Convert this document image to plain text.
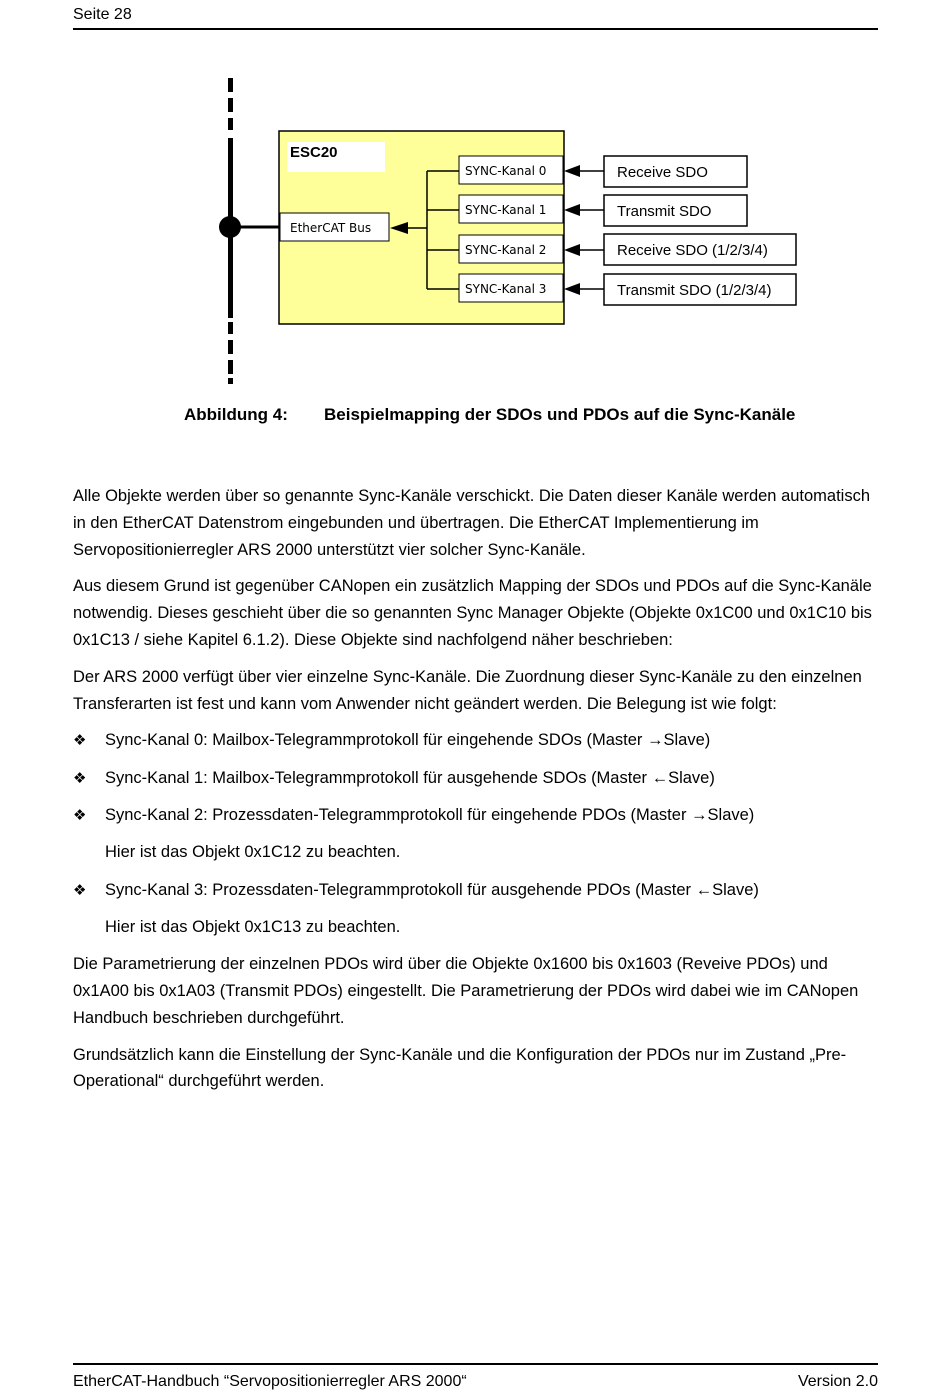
Seite 28
ESC20
EtherCAT Bus
SYNC-Kanal 0
SYNC-Kanal 1
SYNC-Kanal 2
SYNC-Kanal 3
Receive SDO
Transmit SDO
Receive SDO (1/2/3/4)
Transmit SDO (1/2/3/4)
Abbildung 4: Beispielmapping der SDOs und PDOs auf die Sync-Kanäle

Alle Objekte werden über so genannte Sync-Kanäle verschickt. Die Daten dieser Kanäle werden automatisch in den EtherCAT Datenstrom eingebunden und übertragen. Die EtherCAT Implementierung im Servopositionierregler ARS 2000 unterstützt vier solcher Sync-Kanäle.

Aus diesem Grund ist gegenüber CANopen ein zusätzlich Mapping der SDOs und PDOs auf die Sync-Kanäle notwendig. Dieses geschieht über die so genannten Sync Manager Objekte (Objekte 0x1C00 und 0x1C10 bis 0x1C13 / siehe Kapitel 6.1.2). Diese Objekte sind nachfolgend näher beschrieben:

Der ARS 2000 verfügt über vier einzelne Sync-Kanäle. Die Zuordnung dieser Sync-Kanäle zu den einzelnen Transferarten ist fest und kann vom Anwender nicht geändert werden. Die Belegung ist wie folgt:

❖ Sync-Kanal 0: Mailbox-Telegrammprotokoll für eingehende SDOs (Master →Slave)
❖ Sync-Kanal 1: Mailbox-Telegrammprotokoll für ausgehende SDOs (Master ←Slave)
❖ Sync-Kanal 2: Prozessdaten-Telegrammprotokoll für eingehende PDOs (Master →Slave)
Hier ist das Objekt 0x1C12 zu beachten.
❖ Sync-Kanal 3: Prozessdaten-Telegrammprotokoll für ausgehende PDOs (Master ←Slave)
Hier ist das Objekt 0x1C13 zu beachten.

Die Parametrierung der einzelnen PDOs wird über die Objekte 0x1600 bis 0x1603 (Reveive PDOs) und 0x1A00 bis 0x1A03 (Transmit PDOs) eingestellt. Die Parametrierung der PDOs wird dabei wie im CANopen Handbuch beschrieben durchgeführt.

Grundsätzlich kann die Einstellung der Sync-Kanäle und die Konfiguration der PDOs nur im Zustand „Pre-Operational“ durchgeführt werden.

EtherCAT-Handbuch “Servopositionierregler ARS 2000“	Version 2.0
